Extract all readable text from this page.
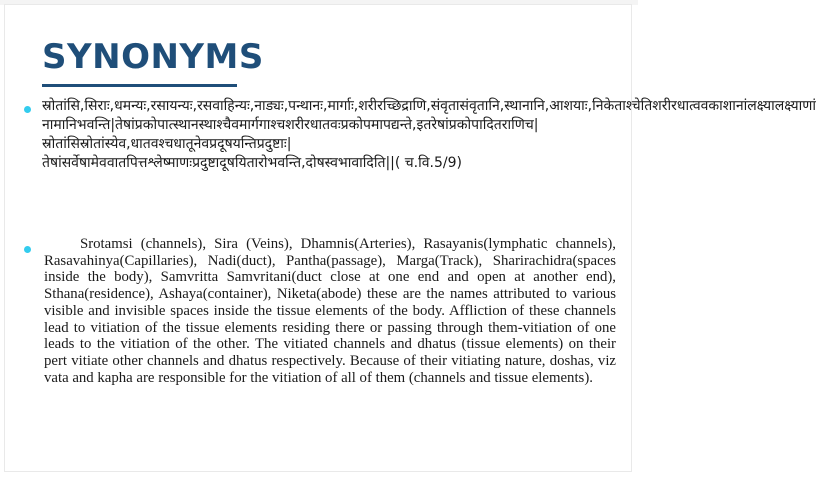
SYNONYMS

स्रोतांसि,सिराः,धमन्यः,रसायन्यः,रसवाहिन्यः,नाड्यः,पन्थानः,मार्गाः,शरीरच्छिद्राणि,संवृतासंवृतानि,स्थानानि,आशयाः,निकेताश्चेतिशरीरधात्ववकाशानांलक्ष्यालक्ष्याणां नामानिभवन्ति|तेषांप्रकोपात्स्थानस्थाश्चैवमार्गगाश्चशरीरधातवःप्रकोपमापद्यन्ते,इतरेषांप्रकोपादितराणिच|स्रोतांसिस्रोतांस्येव,धातवश्चधातूनेवप्रदूषयन्तिप्रदुष्टाः|तेषांसर्वेषामेववातपित्तश्लेष्माणःप्रदुष्टादूषयितारोभवन्ति,दोषस्वभावादिति||( च.वि.5/9)

Srotamsi (channels), Sira (Veins), Dhamnis(Arteries), Rasayanis(lymphatic channels), Rasavahinya(Capillaries), Nadi(duct), Pantha(passage), Marga(Track), Sharirachidra(spaces inside the body), Samvritta Samvritani(duct close at one end and open at another end), Sthana(residence), Ashaya(container), Niketa(abode) these are the names attributed to various visible and invisible spaces inside the tissue elements of the body. Affliction of these channels lead to vitiation of the tissue elements residing there or passing through them-vitiation of one leads to the vitiation of the other. The vitiated channels and dhatus (tissue elements) on their pert vitiate other channels and dhatus respectively. Because of their vitiating nature, doshas, viz vata and kapha are responsible for the vitiation of all of them (channels and tissue elements).
